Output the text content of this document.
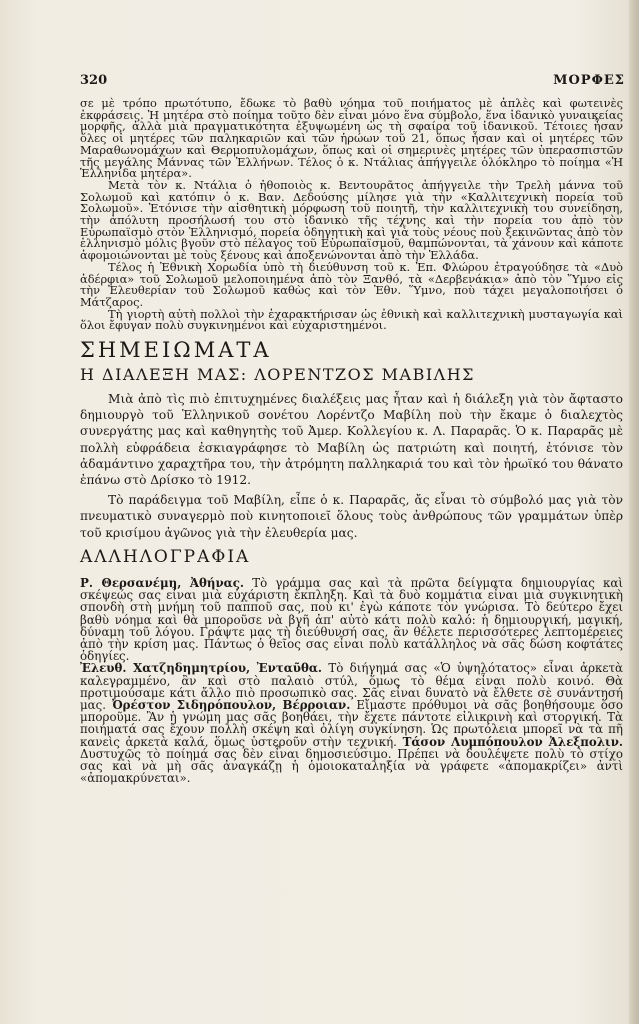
320	ΜΟΡΦΕΣ

σε μὲ τρόπο πρωτότυπο, ἔδωκε τὸ βαθὺ νόημα τοῦ ποιήματος μὲ ἁπλὲς καὶ φωτεινὲς ἐκφράσεις. Ἡ μητέρα στὸ ποίημα τοῦτο δὲν εἶναι μόνο ἕνα σύμβολο, ἕνα ἰδανικὸ γυναικείας μορφῆς, ἀλλὰ μιὰ πραγματικότητα ἐξυψωμένη ὡς τὴ σφαίρα τοῦ ἰδανικοῦ. Τέτοιες ἦσαν ὅλες οἱ μητέρες τῶν παληκαριῶν καὶ τῶν ἡρώων τοῦ 21, ὅπως ἦσαν καὶ οἱ μητέρες τῶν Μαραθωνομάχων καὶ Θερμοπυλομάχων, ὅπως καὶ οἱ σημερινὲς μητέρες τῶν ὑπερασπιστῶν τῆς μεγάλης Μάννας τῶν Ἑλλήνων. Τέλος ὁ κ. Ντάλιας ἀπήγγειλε ὁλόκληρο τὸ ποίημα «Ἡ Ἑλληνίδα μητέρα».

Μετὰ τὸν κ. Ντάλια ὁ ἠθοποιὸς κ. Βεντουρᾶτος ἀπήγγειλε τὴν Τρελὴ μάννα τοῦ Σολωμοῦ καὶ κατόπιν ὁ κ. Βαν. Δεδούσης μίλησε γιὰ τὴν «Καλλιτεχνικὴ πορεία τοῦ Σολωμοῦ». Ἐτόνισε τὴν αἰσθητικὴ μόρφωση τοῦ ποιητῆ, τὴν καλλιτεχνικὴ του συνείδηση, τὴν ἀπόλυτη προσήλωσή του στὸ ἰδανικὸ τῆς τέχνης καὶ τὴν πορεία του ἀπὸ τὸν Εὐρωπαϊσμὸ στὸν Ἑλληνισμό, πορεία ὁδηγητικὴ καὶ γιὰ τοὺς νέους ποὺ ξεκινῶντας ἀπὸ τὸν ἑλληνισμὸ μόλις βγοῦν στὸ πέλαγος τοῦ Εὐρωπαϊσμοῦ, θαμπώνονται, τὰ χάνουν καὶ κάποτε ἀφομοιώνονται μὲ τοὺς ξένους καὶ ἀποξενώνονται ἀπὸ τὴν Ἑλλάδα.

Τέλος ἡ Ἐθνικὴ Χορωδία ὑπὸ τὴ διεύθυνση τοῦ κ. Ἐπ. Φλώρου ἐτραγούδησε τὰ «Δυὸ ἀδέρφια» τοῦ Σολωμοῦ μελοποιημένα ἀπὸ τὸν Ξανθό, τὰ «Δερβενάκια» ἀπὸ τὸν Ὕμνο εἰς τὴν Ἐλευθερίαν τοῦ Σολωμοῦ καθὼς καὶ τὸν Ἐθν. Ὕμνο, ποὺ τάχει μεγαλοποιήσει ὁ Μάτζαρος.

Τὴ γιορτὴ αὐτὴ πολλοὶ τὴν ἐχαρακτήρισαν ὡς ἐθνικὴ καὶ καλλιτεχνικὴ μυσταγωγία καὶ ὅλοι ἔφυγαν πολὺ συγκινημένοι καὶ εὐχαριστημένοι.

ΣΗΜΕΙΩΜΑΤΑ
Η ΔΙΑΛΕΞΗ ΜΑΣ: ΛΟΡΕΝΤΖΟΣ ΜΑΒΙΛΗΣ

Μιὰ ἀπὸ τὶς πιὸ ἐπιτυχημένες διαλέξεις μας ἦταν καὶ ἡ διάλεξη γιὰ τὸν ἄφταστο δημιουργὸ τοῦ Ἑλληνικοῦ σονέτου Λορέντζο Μαβίλη ποὺ τὴν ἔκαμε ὁ διαλεχτὸς συνεργάτης μας καὶ καθηγητὴς τοῦ Ἀμερ. Κολλεγίου κ. Λ. Παραρᾶς. Ὁ κ. Παραρᾶς μὲ πολλὴ εὐφράδεια ἐσκιαγράφησε τὸ Μαβίλη ὡς πατριώτη καὶ ποιητή, ἐτόνισε τὸν ἀδαμάντινο χαραχτῆρα του, τὴν ἀτρόμητη παλληκαριά του καὶ τὸν ἡρωϊκό του θάνατο ἐπάνω στὸ Δρίσκο τὸ 1912.

Τὸ παράδειγμα τοῦ Μαβίλη, εἶπε ὁ κ. Παραρᾶς, ἄς εἶναι τὸ σύμβολό μας γιὰ τὸν πνευματικὸ συναγερμὸ ποὺ κινητοποιεῖ ὅλους τοὺς ἀνθρώπους τῶν γραμμάτων ὑπὲρ τοῦ κρισίμου ἀγῶνος γιὰ τὴν ἐλευθερία μας.

ΑΛΛΗΛΟΓΡΑΦΙΑ

Ρ. Θερσανέμη, Ἀθήνας. Τὸ γράμμα σας καὶ τὰ πρῶτα δείγματα δημιουργίας καὶ σκέψεώς σας εἶναι μιὰ εὐχάριστη ἔκπληξη. Καὶ τὰ δυὸ κομμάτια εἶναι μιὰ συγκινητικὴ σπονδὴ στὴ μνήμη τοῦ παπποῦ σας, ποὺ κι' ἐγὼ κάποτε τὸν γνώρισα. Τὸ δεύτερο ἔχει βαθὺ νόημα καὶ θὰ μποροῦσε νὰ βγῆ ἀπ' αὐτὸ κάτι πολὺ καλό: ἡ δημιουργική, μαγική, δύναμη τοῦ λόγου. Γράψτε μας τὴ διεύθυνσή σας, ἂν θέλετε περισσότερες λεπτομέρειες ἀπὸ τὴν κρίση μας. Πάντως ὁ θεῖος σας εἶναι πολὺ κατάλληλος νὰ σᾶς δώση κοφτάτες ὁδηγίες.

Ἐλευθ. Χατζηδημητρίου, Ἐνταῦθα. Τὸ διήγημά σας «Ὁ ὑψηλότατος» εἶναι ἀρκετὰ καλεγραμμένο, ἂν καὶ στὸ παλαιὸ στύλ, ὅμως τὸ θέμα εἶναι πολὺ κοινό. Θὰ προτιμούσαμε κάτι ἄλλο πιὸ προσωπικὸ σας. Σᾶς εἶναι δυνατὸ νὰ ἔλθετε σὲ συνάντησή μας. Ὀρέστον Σιδηρόπουλον, Βέρροιαν. Εἴμαστε πρόθυμοι νὰ σᾶς βοηθήσουμε ὅσο μποροῦμε. Ἂν ἡ γνώμη μας σᾶς βοηθάει, τὴν ἔχετε πάντοτε εἰλικρινὴ καὶ στοργική. Τὰ ποιήματά σας ἔχουν πολλὴ σκέψη καὶ ὀλίγη συγκίνηση. Ὡς πρωτόλεια μπορεῖ νὰ τὰ πῆ κανεὶς ἀρκετὰ καλά, ὅμως ὑστεροῦν στὴν τεχνική. Τάσον Λυμπόπουλον Ἀλεξπολιν. Δυστυχῶς τὸ ποίημά σας δὲν εἶναι δημοσιεύσιμο. Πρέπει νὰ δουλέψετε πολὺ τὸ στίχο σας καὶ νὰ μὴ σᾶς ἀναγκάζῃ ἡ ὁμοιοκαταληξία νὰ γράφετε «ἀπομακρίζει» ἀντὶ «ἀπομακρύνεται».
